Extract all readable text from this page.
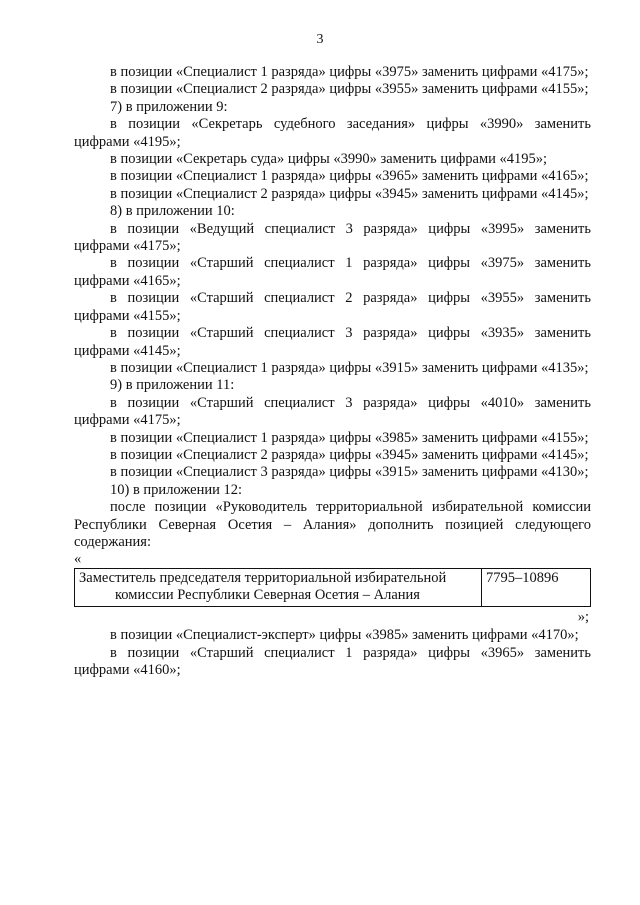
3

в позиции «Специалист 1 разряда» цифры «3975» заменить цифрами «4175»;

в позиции «Специалист 2 разряда» цифры «3955» заменить цифрами «4155»;

7) в приложении 9:

в позиции «Секретарь судебного заседания» цифры «3990» заменить цифрами «4195»;

в позиции «Секретарь суда» цифры «3990» заменить цифрами «4195»;

в позиции «Специалист 1 разряда» цифры «3965» заменить цифрами «4165»;

в позиции «Специалист 2 разряда» цифры «3945» заменить цифрами «4145»;

8) в приложении 10:

в позиции «Ведущий специалист 3 разряда» цифры «3995» заменить цифрами «4175»;

в позиции «Старший специалист 1 разряда» цифры «3975» заменить цифрами «4165»;

в позиции «Старший специалист 2 разряда» цифры «3955» заменить цифрами «4155»;

в позиции «Старший специалист 3 разряда» цифры «3935» заменить цифрами «4145»;

в позиции «Специалист 1 разряда» цифры «3915» заменить цифрами «4135»;

9) в приложении 11:

в позиции «Старший специалист 3 разряда» цифры «4010» заменить цифрами «4175»;

в позиции «Специалист 1 разряда» цифры «3985» заменить цифрами «4155»;

в позиции «Специалист 2 разряда» цифры «3945» заменить цифрами «4145»;

в позиции «Специалист 3 разряда» цифры «3915» заменить цифрами «4130»;

10) в приложении 12:

после позиции «Руководитель территориальной избирательной комиссии Республики Северная Осетия – Алания» дополнить позицией следующего содержания:

«

Заместитель председателя территориальной избирательной
комиссии Республики Северная Осетия – Алания
	7795–10896

»;

в позиции «Специалист-эксперт» цифры «3985» заменить цифрами «4170»;

в позиции «Старший специалист 1 разряда» цифры «3965» заменить цифрами «4160»;
